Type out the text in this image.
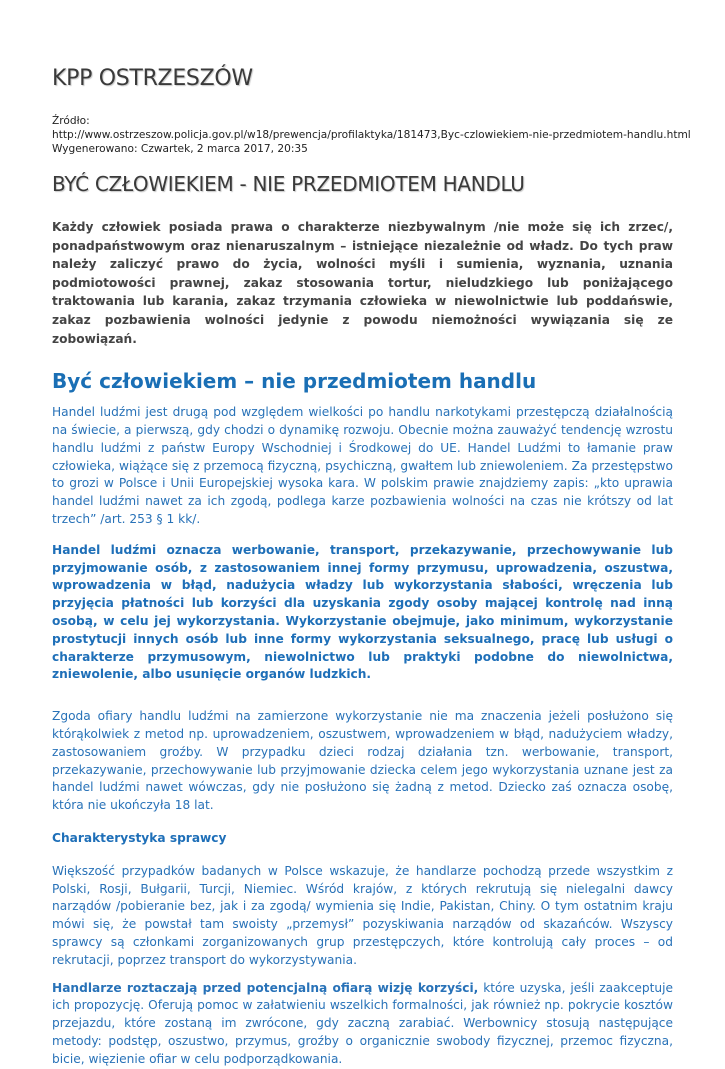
KPP OSTRZESZÓW
Źródło:
http://www.ostrzeszow.policja.gov.pl/w18/prewencja/profilaktyka/181473,Byc-czlowiekiem-nie-przedmiotem-handlu.html
Wygenerowano: Czwartek, 2 marca 2017, 20:35
BYĆ CZŁOWIEKIEM - NIE PRZEDMIOTEM HANDLU

Każdy człowiek posiada prawa o charakterze niezbywalnym /nie może się ich zrzec/, ponadpaństwowym oraz nienaruszalnym – istniejące niezależnie od władz. Do tych praw należy zaliczyć prawo do życia, wolności myśli i sumienia, wyznania, uznania podmiotowości prawnej, zakaz stosowania tortur, nieludzkiego lub poniżającego traktowania lub karania, zakaz trzymania człowieka w niewolnictwie lub poddańswie, zakaz pozbawienia wolności jedynie z powodu niemożności wywiązania się ze zobowiązań.

Być człowiekiem – nie przedmiotem handlu

Handel ludźmi jest drugą pod względem wielkości po handlu narkotykami przestępczą działalnością na świecie, a pierwszą, gdy chodzi o dynamikę rozwoju. Obecnie można zauważyć tendencję wzrostu handlu ludźmi z państw Europy Wschodniej i Środkowej do UE. Handel Ludźmi to łamanie praw człowieka, wiążące się z przemocą fizyczną, psychiczną, gwałtem lub zniewoleniem. Za przestępstwo to grozi w Polsce i Unii Europejskiej wysoka kara. W polskim prawie znajdziemy zapis: „kto uprawia handel ludźmi nawet za ich zgodą, podlega karze pozbawienia wolności na czas nie krótszy od lat trzech” /art. 253 § 1 kk/.

Handel ludźmi oznacza werbowanie, transport, przekazywanie, przechowywanie lub przyjmowanie osób, z zastosowaniem innej formy przymusu, uprowadzenia, oszustwa, wprowadzenia w błąd, nadużycia władzy lub wykorzystania słabości, wręczenia lub przyjęcia płatności lub korzyści dla uzyskania zgody osoby mającej kontrolę nad inną osobą, w celu jej wykorzystania. Wykorzystanie obejmuje, jako minimum, wykorzystanie prostytucji innych osób lub inne formy wykorzystania seksualnego, pracę lub usługi o charakterze przymusowym, niewolnictwo lub praktyki podobne do niewolnictwa, zniewolenie, albo usunięcie organów ludzkich.

Zgoda ofiary handlu ludźmi na zamierzone wykorzystanie nie ma znaczenia jeżeli posłużono się którąkolwiek z metod np. uprowadzeniem, oszustwem, wprowadzeniem w błąd, nadużyciem władzy, zastosowaniem groźby. W przypadku dzieci rodzaj działania tzn. werbowanie, transport, przekazywanie, przechowywanie lub przyjmowanie dziecka celem jego wykorzystania uznane jest za handel ludźmi nawet wówczas, gdy nie posłużono się żadną z metod. Dziecko zaś oznacza osobę, która nie ukończyła 18 lat.

Charakterystyka sprawcy

Większość przypadków badanych w Polsce wskazuje, że handlarze pochodzą przede wszystkim z Polski, Rosji, Bułgarii, Turcji, Niemiec. Wśród krajów, z których rekrutują się nielegalni dawcy narządów /pobieranie bez, jak i za zgodą/ wymienia się Indie, Pakistan, Chiny. O tym ostatnim kraju mówi się, że powstał tam swoisty „przemysł” pozyskiwania narządów od skazańców. Wszyscy sprawcy są członkami zorganizowanych grup przestępczych, które kontrolują cały proces – od rekrutacji, poprzez transport do wykorzystywania.

Handlarze roztaczają przed potencjalną ofiarą wizję korzyści, które uzyska, jeśli zaakceptuje ich propozycję. Oferują pomoc w załatwieniu wszelkich formalności, jak również np. pokrycie kosztów przejazdu, które zostaną im zwrócone, gdy zaczną zarabiać. Werbownicy stosują następujące metody: podstęp, oszustwo, przymus, groźby o organicznie swobody fizycznej, przemoc fizyczna, bicie, więzienie ofiar w celu podporządkowania.
